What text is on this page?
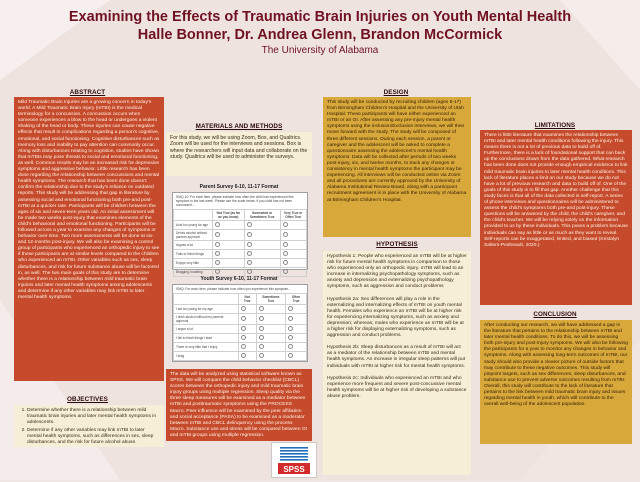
Examining the Effects of Traumatic Brain Injuries on Youth Mental Health
Halle Bonner, Dr. Andrea Glenn, Brandon McCormick
The University of Alabama
ABSTRACT
Mild Traumatic Brain Injuries are a growing concern in today's world. A Mild Traumatic Brain Injury (mTBI) is the medical terminology for a concussion. A concussion occurs when someone experiences a blow to the head or undergoes a violent shaking of the head or body. These injuries can cause negative effects that result in complications regarding a person's cognitive, emotional, and social functioning. Cognitive disturbances such as memory loss and inability to pay attention can commonly occur. Along with disturbances relating to cognition, studies have shown that mTBIs may pose threats to social and emotional functioning, as well. Common results may be an increased risk for depressive symptoms and aggressive behavior. Little research has been done regarding the relationship between concussions and mental health symptoms. The research that has been done doesn't confirm the relationship due to the study's reliance on outdated reports. This study will be addressing that gap in literature by assessing social and emotional functioning both pre-and post-mTBI at a quicker rate. Participants will be children between the ages of six and seven-teen years old. An initial assessment will be made two weeks post-injury that examines elements of the child's behavioral and emotional functioning. Participants will be followed across a year to examine any changes of symptoms or behavior over time. Two more assessments will be done at six- and 12-months post-injury. We will also be examining a control group of participants who experienced an orthopedic injury to see if these participants are at similar levels compared to the children who experienced an mTBI. Other variables such as sex, sleep disturbances, and risk for future substance abuse will be factored in, as well. The two main goals of this study are to determine whether there is a relationship between mild traumatic brain injuries and later mental health symptoms among adolescents and determine if any other variables may link mTBI to later mental health symptoms.
OBJECTIVES
1. Determine whether there is a relationship between mild traumatic brain injuries and later mental health symptoms in adolescents.
2. Determine if any other variables may link mTBI to later mental health symptoms, such as differences in sex, sleep disturbances, and the risk for future alcohol abuse.
MATERIALS AND METHODS
For this study, we will be using Zoom, Box, and Qualtrics. Zoom will be used for the interviews and sessions. Box is where the researchers will input data and collaborate on the study. Qualtrics will be used to administer the surveys.
Parent Survey 6-10, 11-17 Format
SMQ-10: For each item, please indicate how often the child has experienced this symptom in the last week. Please use the scale below. If you child has not been concussed...
	Not True (as far as you know)	Somewhat or Sometimes True	Very True or Often True
Acts too young for age			
Drinks alcohol without parents approval			
Argues a lot			
Fails to finish things			
Enjoys very little			
Bragging, boasting			
Youth Survey 6-10, 11-17 Format
SMQ: For each item, please indicate how often you experience this symptom...
	Not True	Sometimes True	Often True
I act too young for my age			
I drink alcohol without my parents approval			
I argue a lot			
I fail to finish things I start			
There is very little that I enjoy			
I brag			
The data will be analyzed using statistical software known as SPSS. We will compare the child behavior checklist (CBCL) scores between the orthopedic injury and mild traumatic brain injury groups using multiple regression. Sleep quality via the three sleep measures will be examined as a mediator between mTBI and posttraumatic symptoms using the PROCESS Macro. Peer influence will be examined by the peer affiliation and social acceptance (PASA) to be examined as a moderator between mTBI and CBCL delinquency using the process Macro. Substance use and stress will be compared between OI and mTBI groups using multiple regression.
SPSS
DESIGN
This study will be conducted by recruiting children (ages 6-17) from Birmingham Children's Hospital and the University of Utah Hospital. These participants will have either experienced an mTBI or an OI. After assessing any pre-injury mental health symptoms using the inclusion/Exclusion interviews, we will then move forward with the study. The study will be composed of three different sessions. During each session, a parent or caregiver and the adolescent will be asked to complete a questionnaire assessing the adolescent's mental health symptoms. Data will be collected after periods of two weeks post-injury, six, and twelve months, to track any changes or consistency in mental health symptoms the participant may be experiencing. All interviews will be conducted online via Zoom and all procedures are currently approved by the University of Alabama Institutional Review Board, along with a participant recruitment agreement is in place with the University of Alabama at Birmingham Children's Hospital.
HYPOTHESIS

Hypothesis 1: People who experienced an mTBI will be at higher risk for future mental health symptoms in comparison to those who experienced only an orthopedic injury. mTBI will lead to an increase in internalizing psychopathology symptoms, such as anxiety and depression and externalizing psychopathology symptoms, such as aggression and conduct problems

Hypothesis 2a: Sex differences will play a role in the externalizing and internalizing effects of mTBI on youth mental health. Females who experience an mTBI will be at higher risk for experiencing internalizing symptoms, such as anxiety and depression; whereas; males who experience an mTBI will be at a higher risk for displaying externalizing symptoms, such as aggression and conduct problems.

Hypothesis 2b: Sleep disturbances as a result of mTBI will act as a mediator of the relationship between mTBI and mental health symptoms. An increase in irregular sleep patterns will put individuals with mTBI at higher risk for mental health symptoms.

Hypothesis 2c: Individuals who experienced an mTBI and who experience more frequent and severe post-concussive mental health symptoms will be at higher risk of developing a substance abuse problem.

LIMITATIONS
There is little literature that examines the relationship between mTBI and later mental health conditions following the injury. This means there is not a lot of previous data to build off of. Furthermore, there is a lack of foundational support that can back up the conclusions drawn from the data gathered. What research has been done does not provide enough empirical evidence to link mild traumatic brain injuries to later mental health conditions. This lack of literature places a limit on our study because we do not have a lot of previous research and data to build off of. One of the goals of this study is to fill that gap. Another challenge that this study faces is that all of the data collected is self-report. A series of phone interviews and questionnaires will be administered to assess the child's symptoms both pre-and post-injury. These questions will be answered by the child, the child's caregiver, and the child's teacher. We will be relying solely on the information provided to us by these individuals. This poses a problem because individuals can say as little or as much as they want to reveal. Self-reports can be exaggerated, limited, and biased (Kristalyn Salters-Pedneault, 2020.)
CONCLUSION
After conducting our research, we will have addressed a gap in the literature that pertains to the relationship between mTBI and later mental health conditions. To do this, we will be assessing both pre-injury and post-injury symptoms. We will also be following the participants for a year to monitor any changes in behavior and symptoms. Along with assessing long-term outcomes of mTBI, our study should also provide a clearer picture of outside factors that may contribute to these negative outcomes. This study will pinpoint targets, such as sex differences, sleep disturbances, and substance use to prevent adverse outcomes resulting from mTBI. Overall, this study will contribute to the lack of literature that pertains to the link between mild traumatic brain injury and issues regarding mental health in youth, which will contribute to the overall well-being of the adolescent population.
